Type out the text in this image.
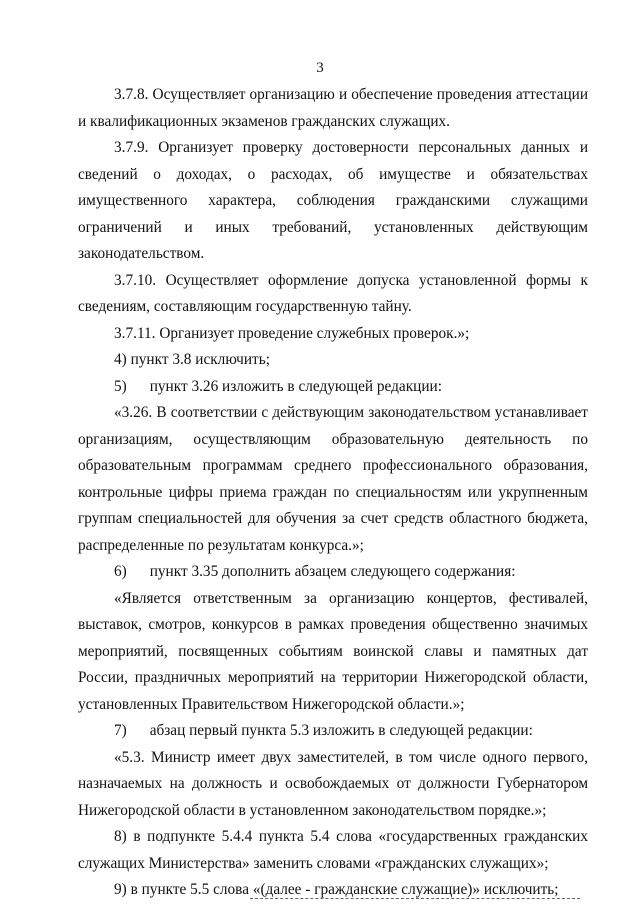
3

3.7.8. Осуществляет организацию и обеспечение проведения аттестации и квалификационных экзаменов гражданских служащих.

3.7.9. Организует проверку достоверности персональных данных и сведений о доходах, о расходах, об имуществе и обязательствах имущественного характера, соблюдения гражданскими служащими ограничений и иных требований, установленных действующим законодательством.

3.7.10. Осуществляет оформление допуска установленной формы к сведениям, составляющим государственную тайну.

3.7.11. Организует проведение служебных проверок.»;

4) пункт 3.8 исключить;

5)      пункт 3.26 изложить в следующей редакции:

«3.26. В соответствии с действующим законодательством устанавливает организациям, осуществляющим образовательную деятельность по образовательным программам среднего профессионального образования, контрольные цифры приема граждан по специальностям или укрупненным группам специальностей для обучения за счет средств областного бюджета, распределенные по результатам конкурса.»;

6)      пункт 3.35 дополнить абзацем следующего содержания:

«Является ответственным за организацию концертов, фестивалей, выставок, смотров, конкурсов в рамках проведения общественно значимых мероприятий, посвященных событиям воинской славы и памятных дат России, праздничных мероприятий на территории Нижегородской области, установленных Правительством Нижегородской области.»;

7)      абзац первый пункта 5.3 изложить в следующей редакции:

«5.3. Министр имеет двух заместителей, в том числе одного первого, назначаемых на должность и освобождаемых от должности Губернатором Нижегородской области в установленном законодательством порядке.»;

8) в подпункте 5.4.4 пункта 5.4 слова «государственных гражданских служащих Министерства» заменить словами «гражданских служащих»;

9) в пункте 5.5 слова «(далее - гражданские служащие)» исключить;
